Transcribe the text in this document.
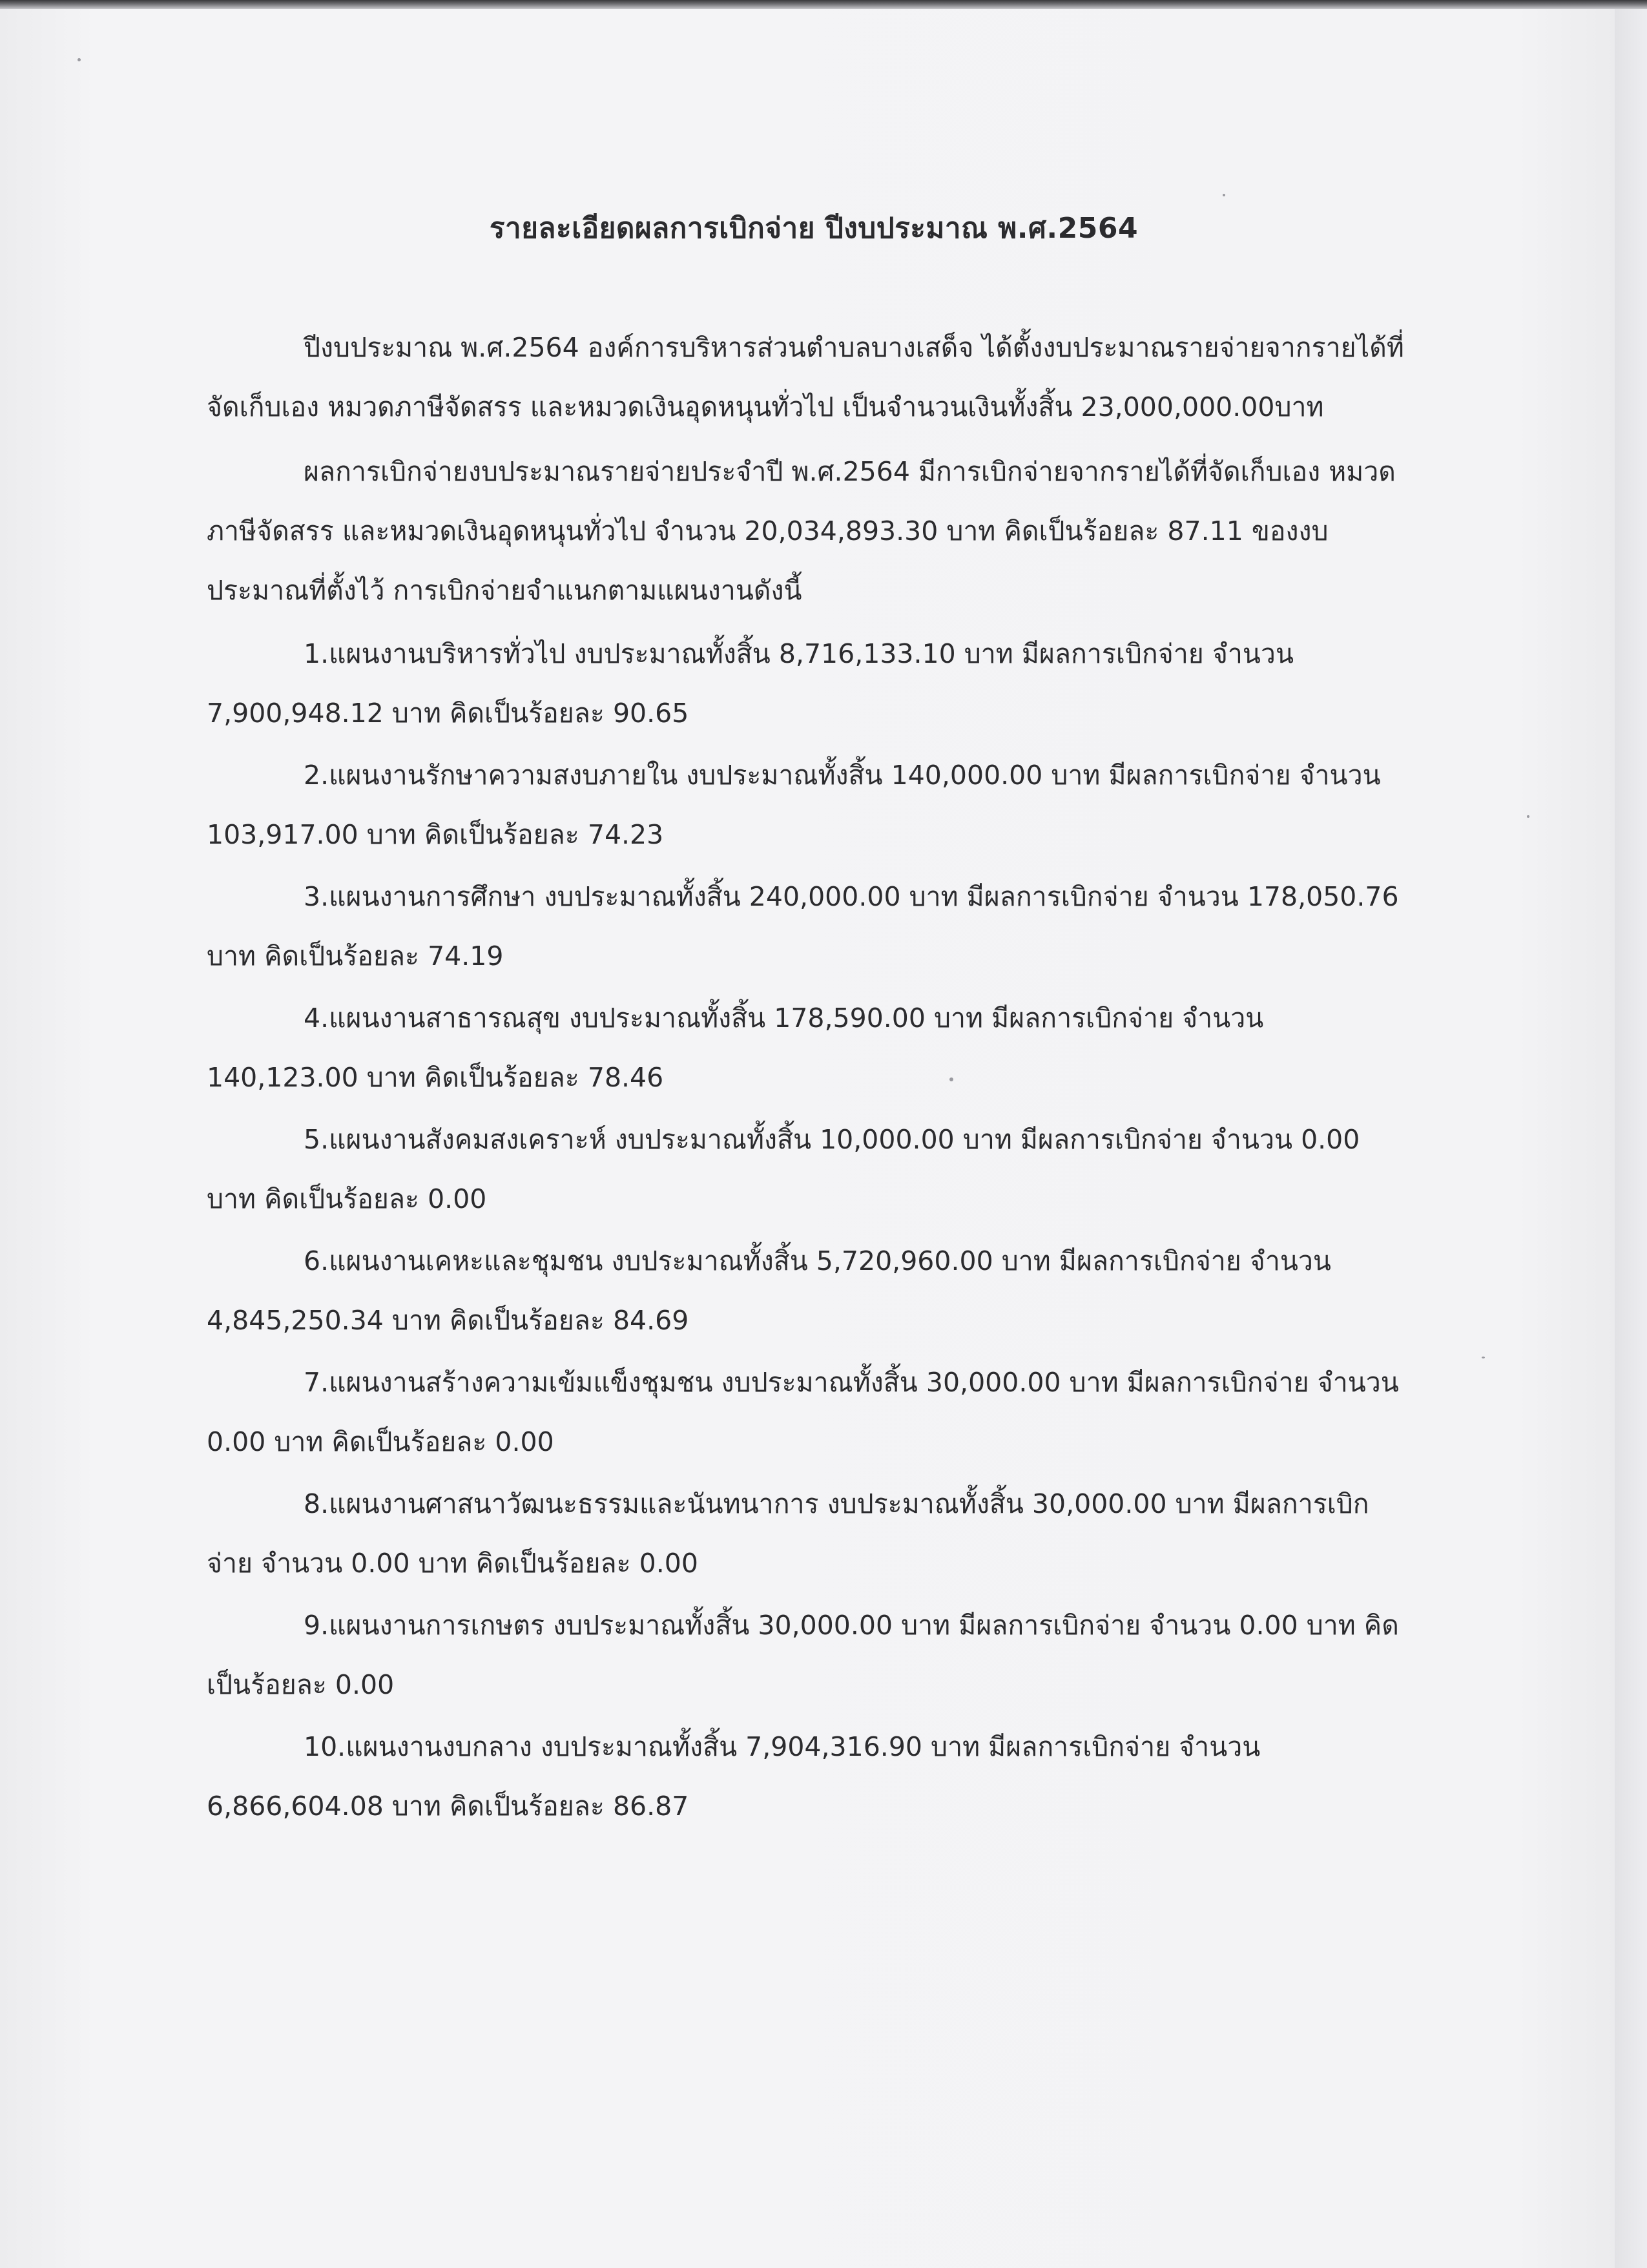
รายละเอียดผลการเบิกจ่าย ปีงบประมาณ พ.ศ.2564
ปีงบประมาณ พ.ศ.2564 องค์การบริหารส่วนตำบลบางเสด็จ ได้ตั้งงบประมาณรายจ่ายจากรายได้ที่จัดเก็บเอง หมวดภาษีจัดสรร และหมวดเงินอุดหนุนทั่วไป เป็นจำนวนเงินทั้งสิ้น 23,000,000.00บาท
ผลการเบิกจ่ายงบประมาณรายจ่ายประจำปี พ.ศ.2564 มีการเบิกจ่ายจากรายได้ที่จัดเก็บเอง หมวดภาษีจัดสรร และหมวดเงินอุดหนุนทั่วไป จำนวน 20,034,893.30 บาท คิดเป็นร้อยละ 87.11 ของงบประมาณที่ตั้งไว้ การเบิกจ่ายจำแนกตามแผนงานดังนี้
1.แผนงานบริหารทั่วไป งบประมาณทั้งสิ้น 8,716,133.10 บาท มีผลการเบิกจ่าย จำนวน 7,900,948.12 บาท คิดเป็นร้อยละ 90.65
2.แผนงานรักษาความสงบภายใน งบประมาณทั้งสิ้น 140,000.00 บาท มีผลการเบิกจ่าย จำนวน 103,917.00 บาท คิดเป็นร้อยละ 74.23
3.แผนงานการศึกษา งบประมาณทั้งสิ้น 240,000.00 บาท มีผลการเบิกจ่าย จำนวน 178,050.76 บาท คิดเป็นร้อยละ 74.19
4.แผนงานสาธารณสุข งบประมาณทั้งสิ้น 178,590.00 บาท มีผลการเบิกจ่าย จำนวน 140,123.00 บาท คิดเป็นร้อยละ 78.46
5.แผนงานสังคมสงเคราะห์ งบประมาณทั้งสิ้น 10,000.00 บาท มีผลการเบิกจ่าย จำนวน 0.00 บาท คิดเป็นร้อยละ 0.00
6.แผนงานเคหะและชุมชน งบประมาณทั้งสิ้น 5,720,960.00 บาท มีผลการเบิกจ่าย จำนวน 4,845,250.34 บาท คิดเป็นร้อยละ 84.69
7.แผนงานสร้างความเข้มแข็งชุมชน งบประมาณทั้งสิ้น 30,000.00 บาท มีผลการเบิกจ่าย จำนวน 0.00 บาท คิดเป็นร้อยละ 0.00
8.แผนงานศาสนาวัฒนะธรรมและนันทนาการ งบประมาณทั้งสิ้น 30,000.00 บาท มีผลการเบิกจ่าย จำนวน 0.00 บาท คิดเป็นร้อยละ 0.00
9.แผนงานการเกษตร งบประมาณทั้งสิ้น 30,000.00 บาท มีผลการเบิกจ่าย จำนวน 0.00 บาท คิดเป็นร้อยละ 0.00
10.แผนงานงบกลาง งบประมาณทั้งสิ้น 7,904,316.90 บาท มีผลการเบิกจ่าย จำนวน 6,866,604.08 บาท คิดเป็นร้อยละ 86.87
